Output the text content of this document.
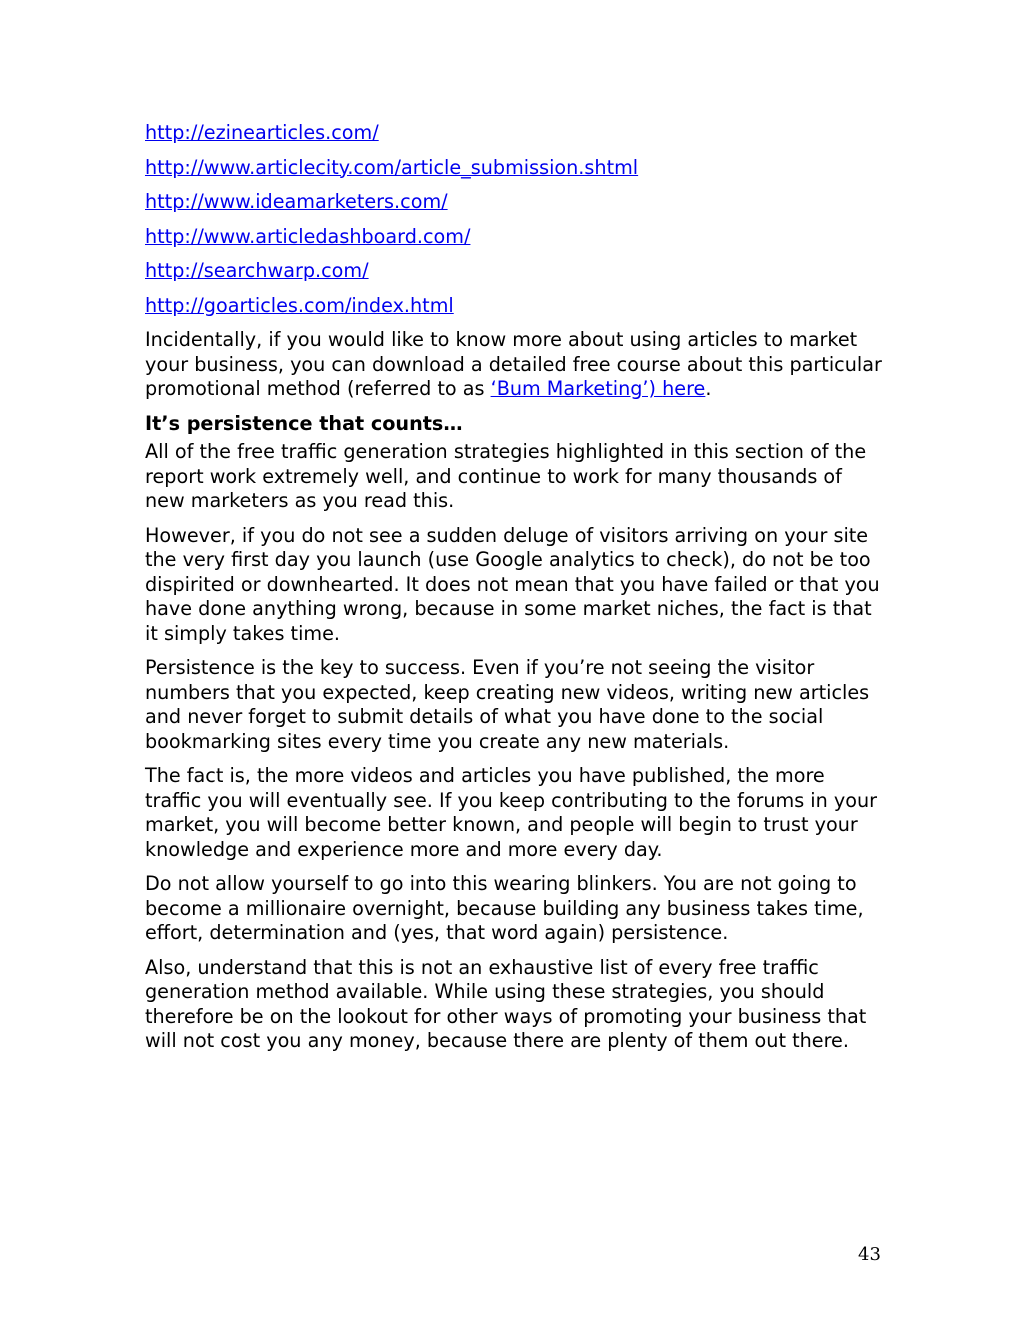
http://ezinearticles.com/
http://www.articlecity.com/article_submission.shtml
http://www.ideamarketers.com/
http://www.articledashboard.com/
http://searchwarp.com/
http://goarticles.com/index.html

Incidentally, if you would like to know more about using articles to market your business, you can download a detailed free course about this particular promotional method (referred to as ‘Bum Marketing’) here.

It’s persistence that counts…

All of the free traffic generation strategies highlighted in this section of the report work extremely well, and continue to work for many thousands of new marketers as you read this.

However, if you do not see a sudden deluge of visitors arriving on your site the very first day you launch (use Google analytics to check), do not be too dispirited or downhearted. It does not mean that you have failed or that you have done anything wrong, because in some market niches, the fact is that it simply takes time.

Persistence is the key to success. Even if you’re not seeing the visitor numbers that you expected, keep creating new videos, writing new articles and never forget to submit details of what you have done to the social bookmarking sites every time you create any new materials.

The fact is, the more videos and articles you have published, the more traffic you will eventually see. If you keep contributing to the forums in your market, you will become better known, and people will begin to trust your knowledge and experience more and more every day.

Do not allow yourself to go into this wearing blinkers. You are not going to become a millionaire overnight, because building any business takes time, effort, determination and (yes, that word again) persistence.

Also, understand that this is not an exhaustive list of every free traffic generation method available. While using these strategies, you should therefore be on the lookout for other ways of promoting your business that will not cost you any money, because there are plenty of them out there.

43
